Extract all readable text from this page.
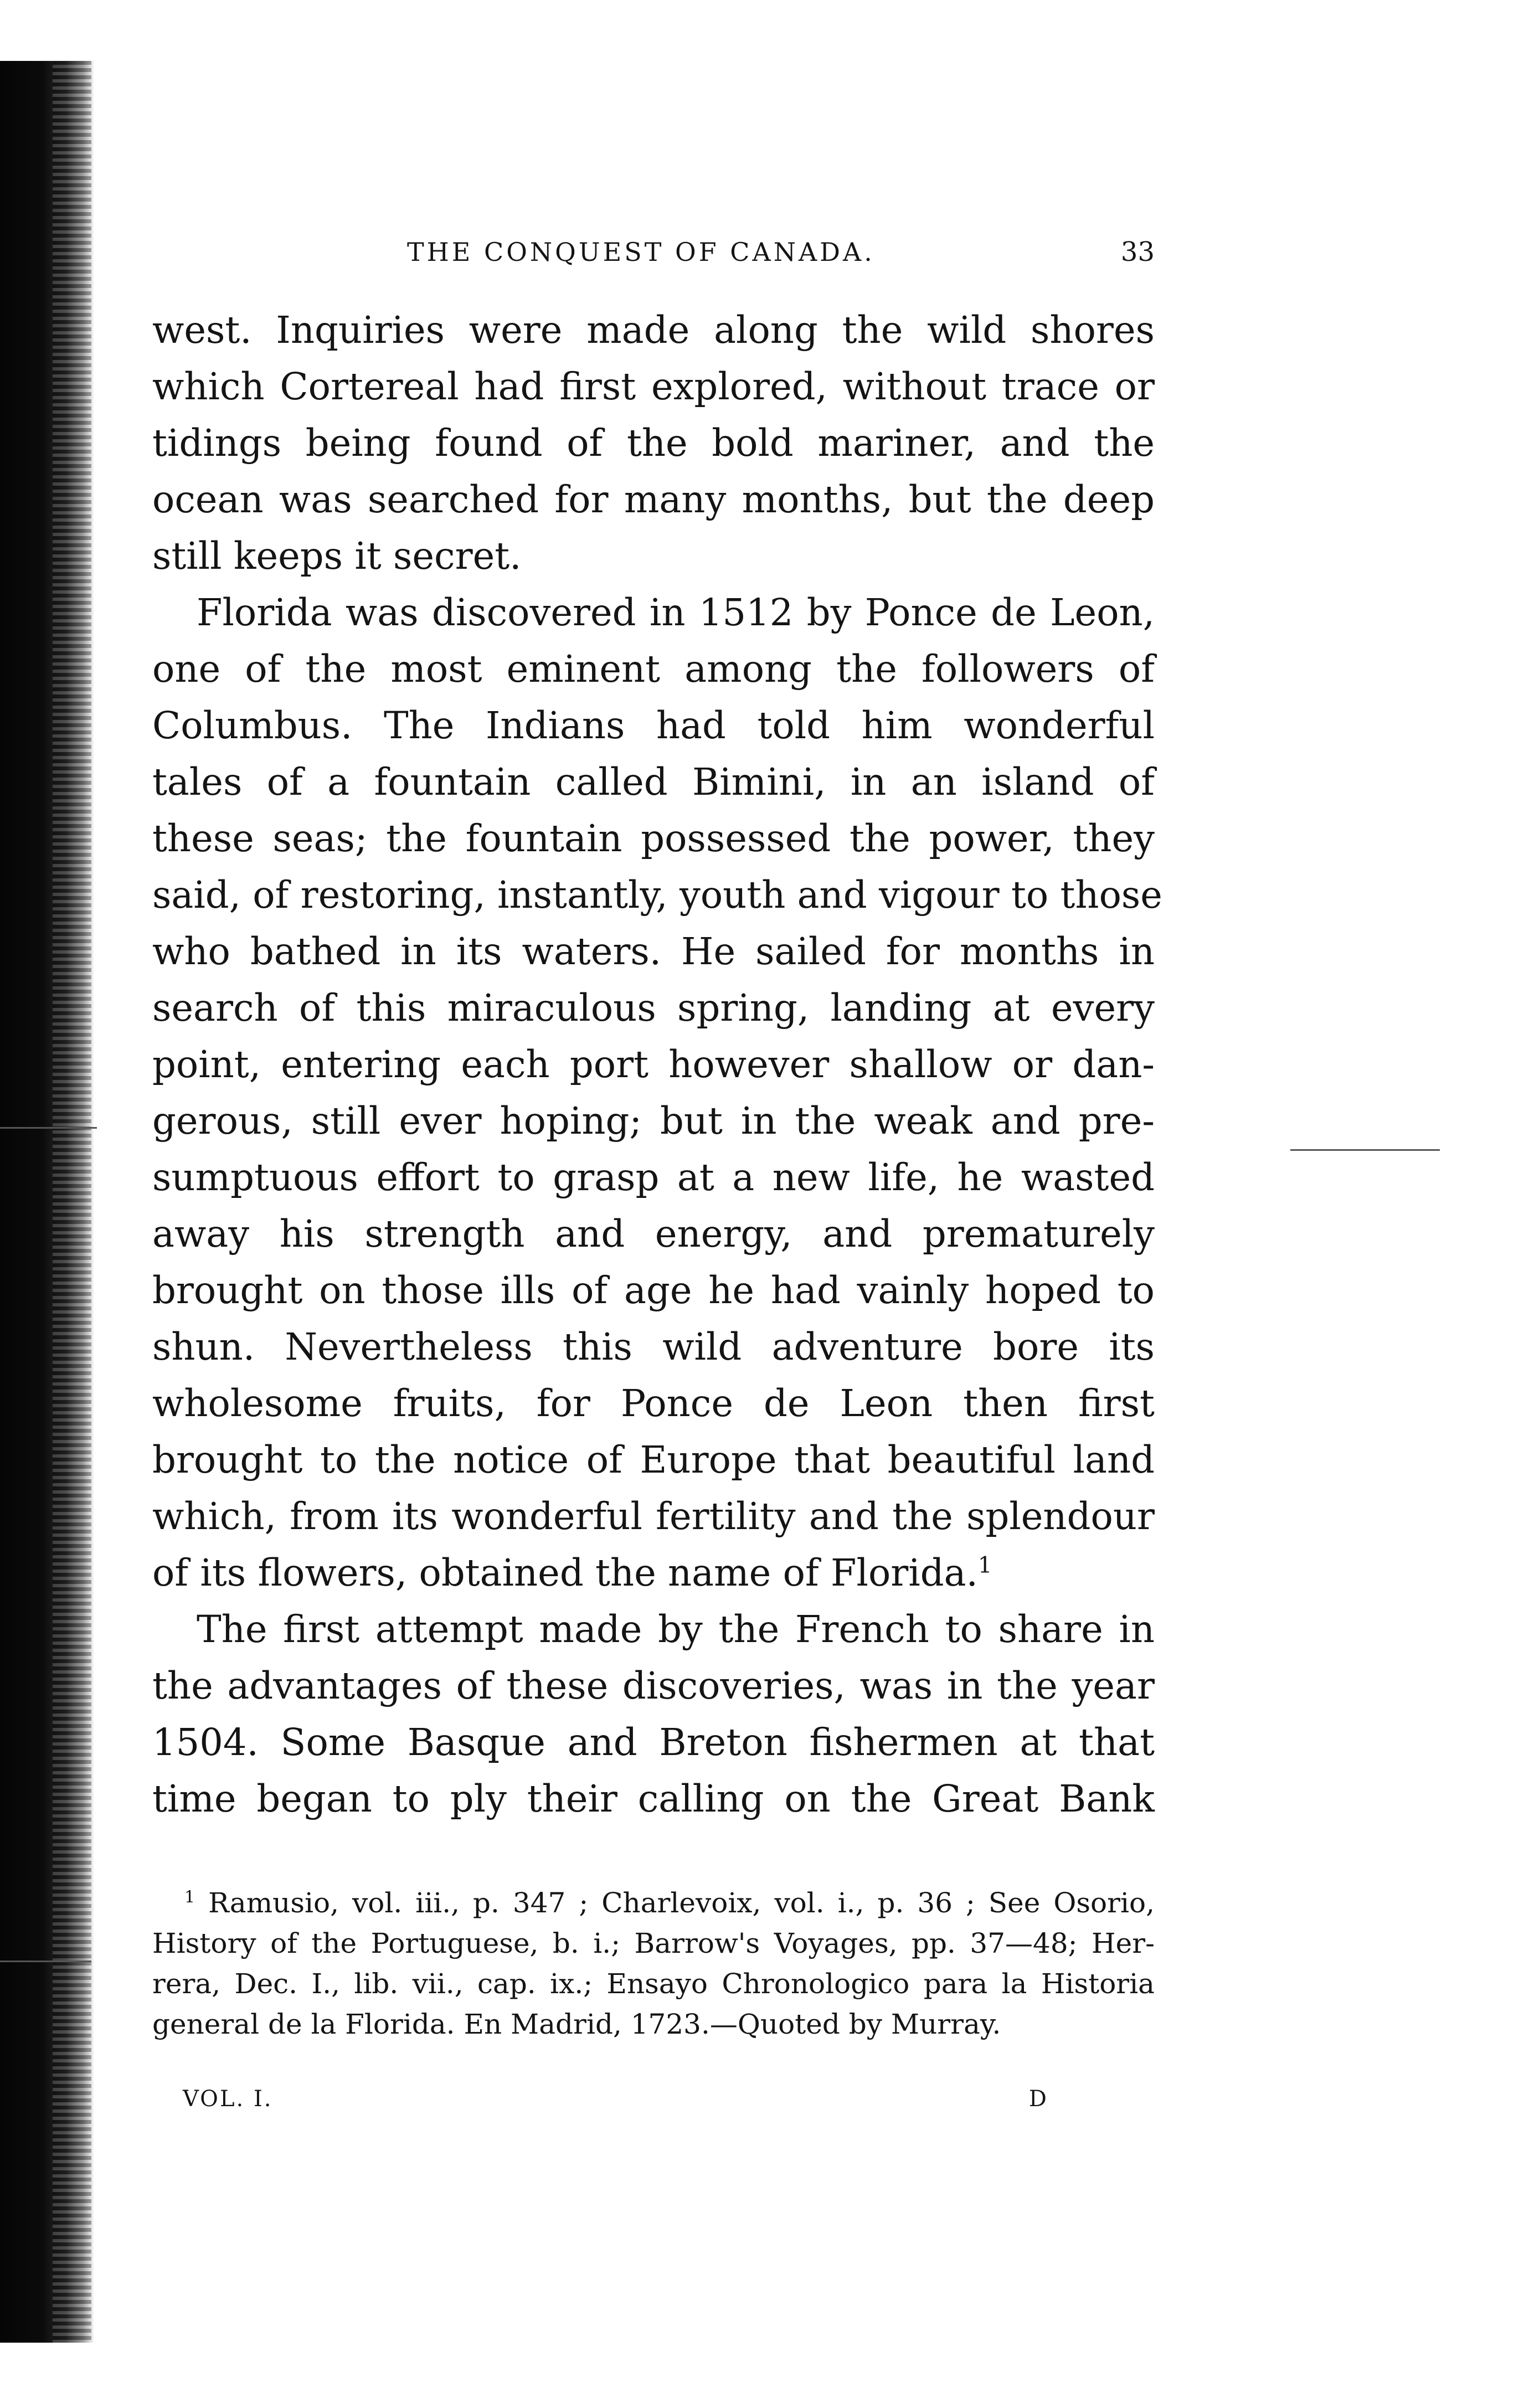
THE CONQUEST OF CANADA.	33
west. Inquiries were made along the wild shores
which Cortereal had first explored, without trace or
tidings being found of the bold mariner, and the
ocean was searched for many months, but the deep
still keeps it secret.
Florida was discovered in 1512 by Ponce de Leon,
one of the most eminent among the followers of
Columbus. The Indians had told him wonderful
tales of a fountain called Bimini, in an island of
these seas; the fountain possessed the power, they
said, of restoring, instantly, youth and vigour to those
who bathed in its waters. He sailed for months in
search of this miraculous spring, landing at every
point, entering each port however shallow or dan-
gerous, still ever hoping; but in the weak and pre-
sumptuous effort to grasp at a new life, he wasted
away his strength and energy, and prematurely
brought on those ills of age he had vainly hoped to
shun. Nevertheless this wild adventure bore its
wholesome fruits, for Ponce de Leon then first
brought to the notice of Europe that beautiful land
which, from its wonderful fertility and the splendour
of its flowers, obtained the name of Florida.$^1$
The first attempt made by the French to share in
the advantages of these discoveries, was in the year
1504. Some Basque and Breton fishermen at that
time began to ply their calling on the Great Bank
$^1$ Ramusio, vol. iii., p. 347 ; Charlevoix, vol. i., p. 36 ; See Osorio,
History of the Portuguese, b. i.; Barrow's Voyages, pp. 37—48; Her-
rera, Dec. I., lib. vii., cap. ix.; Ensayo Chronologico para la Historia
general de la Florida. En Madrid, 1723.—Quoted by Murray.
VOL. I.	D
